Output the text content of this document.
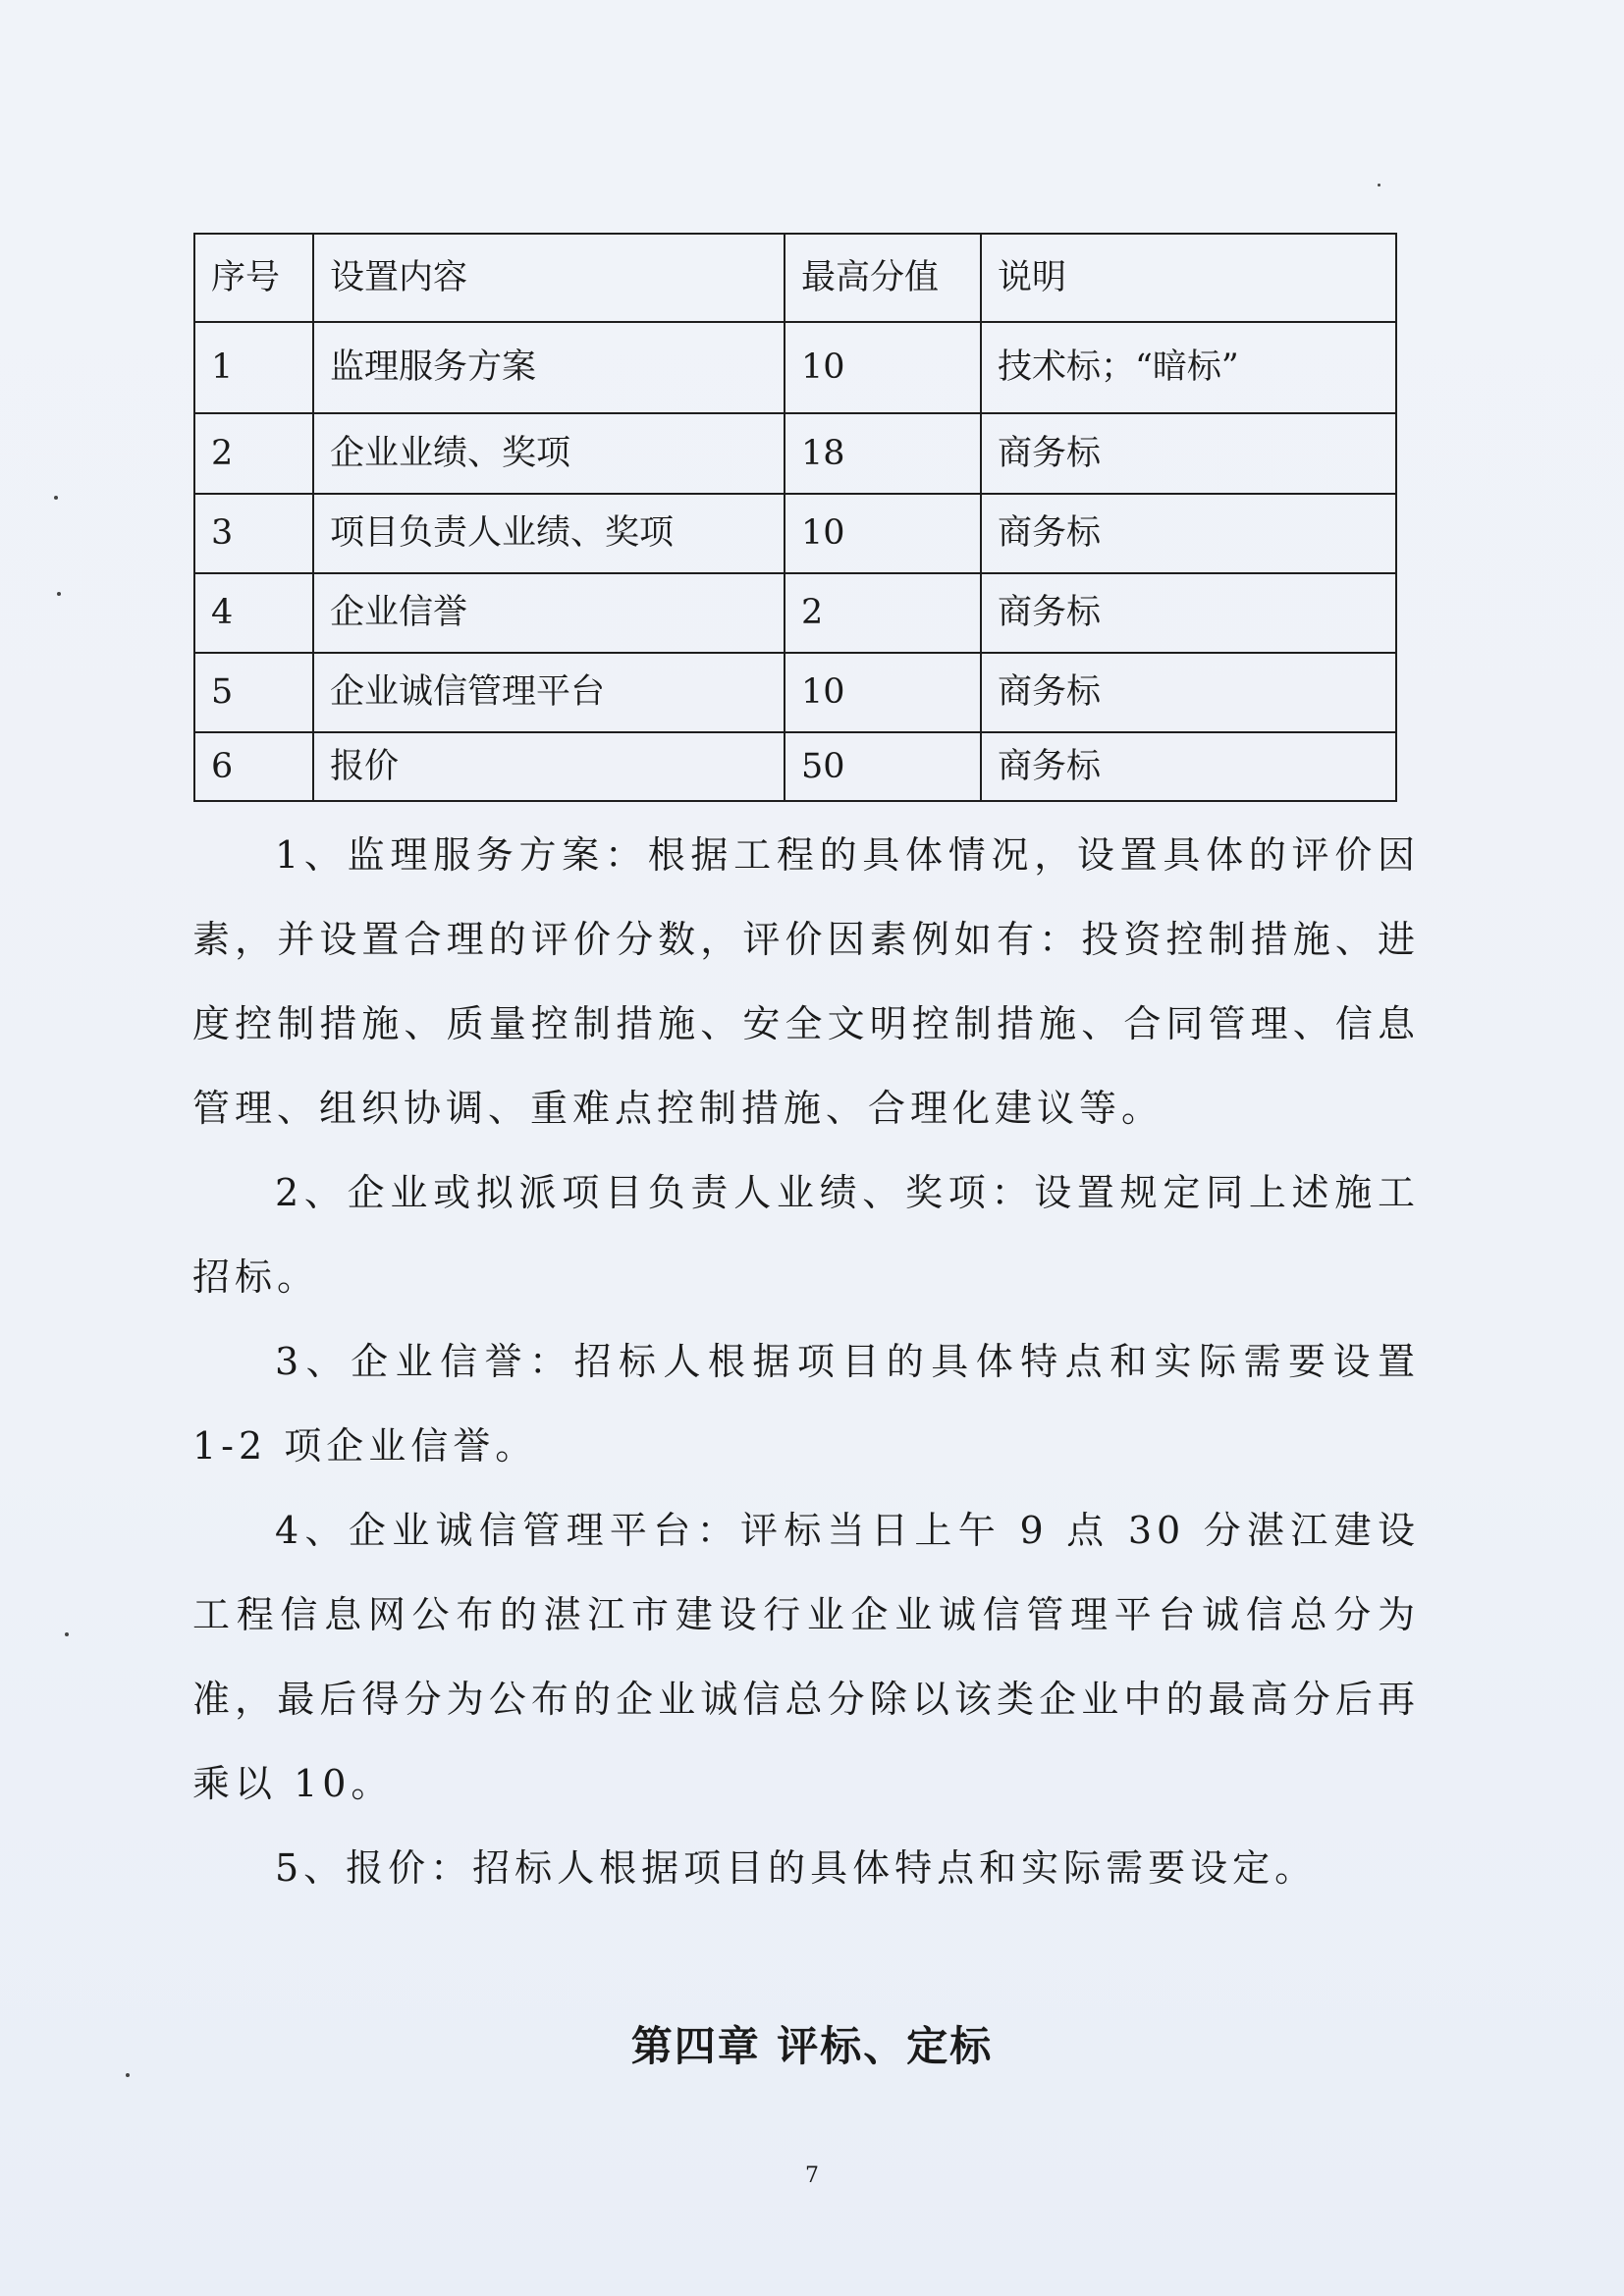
序号	设置内容	最高分值	说明
1	监理服务方案	10	技术标；“暗标”
2	企业业绩、奖项	18	商务标
3	项目负责人业绩、奖项	10	商务标
4	企业信誉	2	商务标
5	企业诚信管理平台	10	商务标
6	报价	50	商务标

1、监理服务方案：根据工程的具体情况，设置具体的评价因素，并设置合理的评价分数，评价因素例如有：投资控制措施、进度控制措施、质量控制措施、安全文明控制措施、合同管理、信息管理、组织协调、重难点控制措施、合理化建议等。

2、企业或拟派项目负责人业绩、奖项：设置规定同上述施工招标。

3、企业信誉：招标人根据项目的具体特点和实际需要设置 1-2 项企业信誉。

4、企业诚信管理平台：评标当日上午 9 点 30 分湛江建设工程信息网公布的湛江市建设行业企业诚信管理平台诚信总分为准，最后得分为公布的企业诚信总分除以该类企业中的最高分后再乘以 10。

5、报价：招标人根据项目的具体特点和实际需要设定。

第四章 评标、定标
7
